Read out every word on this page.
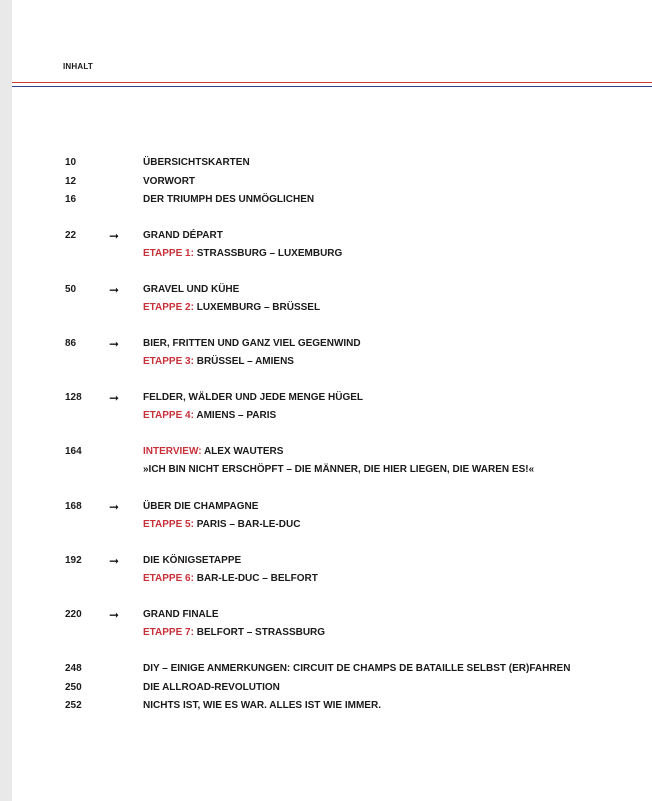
INHALT
10	ÜBERSICHTSKARTEN
12	VORWORT
16	DER TRIUMPH DES UNMÖGLICHEN
22	➞ GRAND DÉPART
ETAPPE 1: STRASSBURG – LUXEMBURG
50	➞ GRAVEL UND KÜHE
ETAPPE 2: LUXEMBURG – BRÜSSEL
86	➞ BIER, FRITTEN UND GANZ VIEL GEGENWIND
ETAPPE 3: BRÜSSEL – AMIENS
128 ➞ FELDER, WÄLDER UND JEDE MENGE HÜGEL
ETAPPE 4: AMIENS – PARIS
164	INTERVIEW: ALEX WAUTERS
»ICH BIN NICHT ERSCHÖPFT – DIE MÄNNER, DIE HIER LIEGEN, DIE WAREN ES!«
168 ➞ ÜBER DIE CHAMPAGNE
ETAPPE 5: PARIS – BAR-LE-DUC
192 ➞ DIE KÖNIGSETAPPE
ETAPPE 6: BAR-LE-DUC – BELFORT
220 ➞ GRAND FINALE
ETAPPE 7: BELFORT – STRASSBURG
248	DIY – EINIGE ANMERKUNGEN: CIRCUIT DE CHAMPS DE BATAILLE SELBST (ER)FAHREN
250	DIE ALLROAD-REVOLUTION
252	NICHTS IST, WIE ES WAR. ALLES IST WIE IMMER.
